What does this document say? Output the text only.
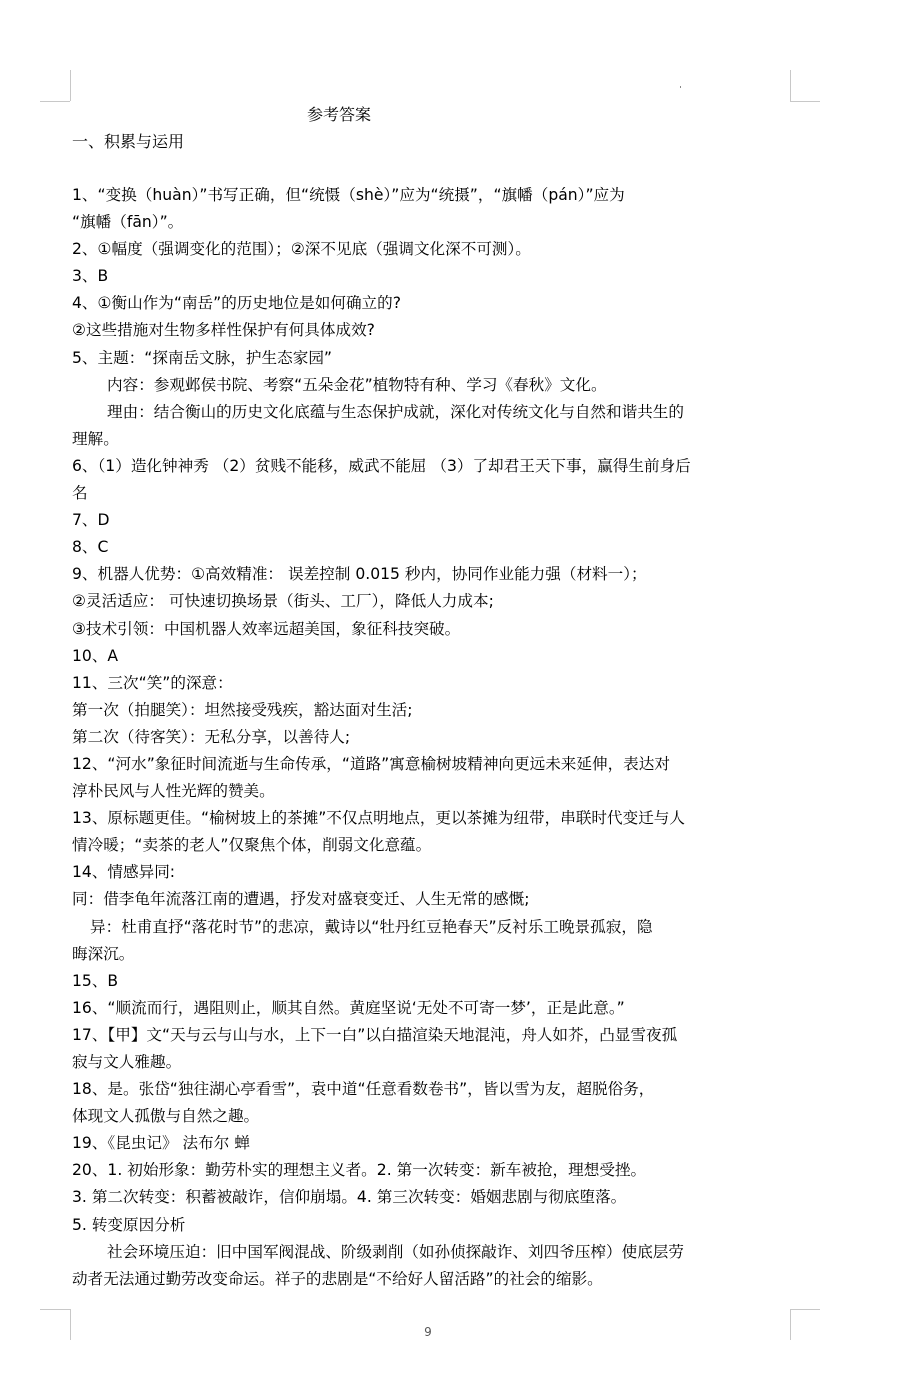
参考答案
一、积累与运用
1、“变换（huàn）”书写正确，但“统慑（shè）”应为“统摄”，“旗幡（pán）”应为
“旗幡（fān）”。
2、①幅度（强调变化的范围）；②深不见底（强调文化深不可测）。
3、B
4、①衡山作为“南岳”的历史地位是如何确立的?
②这些措施对生物多样性保护有何具体成效?
5、主题：“探南岳文脉，护生态家园”
内容：参观邺侯书院、考察“五朵金花”植物特有种、学习《春秋》文化。
理由：结合衡山的历史文化底蕴与生态保护成就，深化对传统文化与自然和谐共生的
理解。
6、（1）造化钟神秀 （2）贫贱不能移，威武不能屈 （3）了却君王天下事，赢得生前身后
名
7、D
8、C
9、机器人优势：①高效精准： 误差控制 0.015 秒内，协同作业能力强（材料一）；
②灵活适应： 可快速切换场景（街头、工厂），降低人力成本;
③技术引领：中国机器人效率远超美国，象征科技突破。
10、A
11、三次“笑”的深意：
第一次（拍腿笑）：坦然接受残疾，豁达面对生活;
第二次（待客笑）：无私分享，以善待人;
12、“河水”象征时间流逝与生命传承，“道路”寓意榆树坡精神向更远未来延伸，表达对
淳朴民风与人性光辉的赞美。
13、原标题更佳。“榆树坡上的茶摊”不仅点明地点，更以茶摊为纽带，串联时代变迁与人
情冷暖；“卖茶的老人”仅聚焦个体，削弱文化意蕴。
14、情感异同:
同：借李龟年流落江南的遭遇，抒发对盛衰变迁、人生无常的感慨;
异：杜甫直抒“落花时节”的悲凉，戴诗以“牡丹红豆艳春天”反衬乐工晚景孤寂，隐
晦深沉。
15、B
16、“顺流而行，遇阻则止，顺其自然。黄庭坚说‘无处不可寄一梦’，正是此意。”
17、【甲】文“天与云与山与水，上下一白”以白描渲染天地混沌，舟人如芥，凸显雪夜孤
寂与文人雅趣。
18、是。张岱“独往湖心亭看雪”，袁中道“任意看数卷书”，皆以雪为友，超脱俗务，
体现文人孤傲与自然之趣。
19、《昆虫记》 法布尔 蝉
20、1. 初始形象：勤劳朴实的理想主义者。2. 第一次转变：新车被抢，理想受挫。
3. 第二次转变：积蓄被敲诈，信仰崩塌。4. 第三次转变：婚姻悲剧与彻底堕落。
5. 转变原因分析
社会环境压迫：旧中国军阀混战、阶级剥削（如孙侦探敲诈、刘四爷压榨）使底层劳
动者无法通过勤劳改变命运。祥子的悲剧是“不给好人留活路”的社会的缩影。
9
